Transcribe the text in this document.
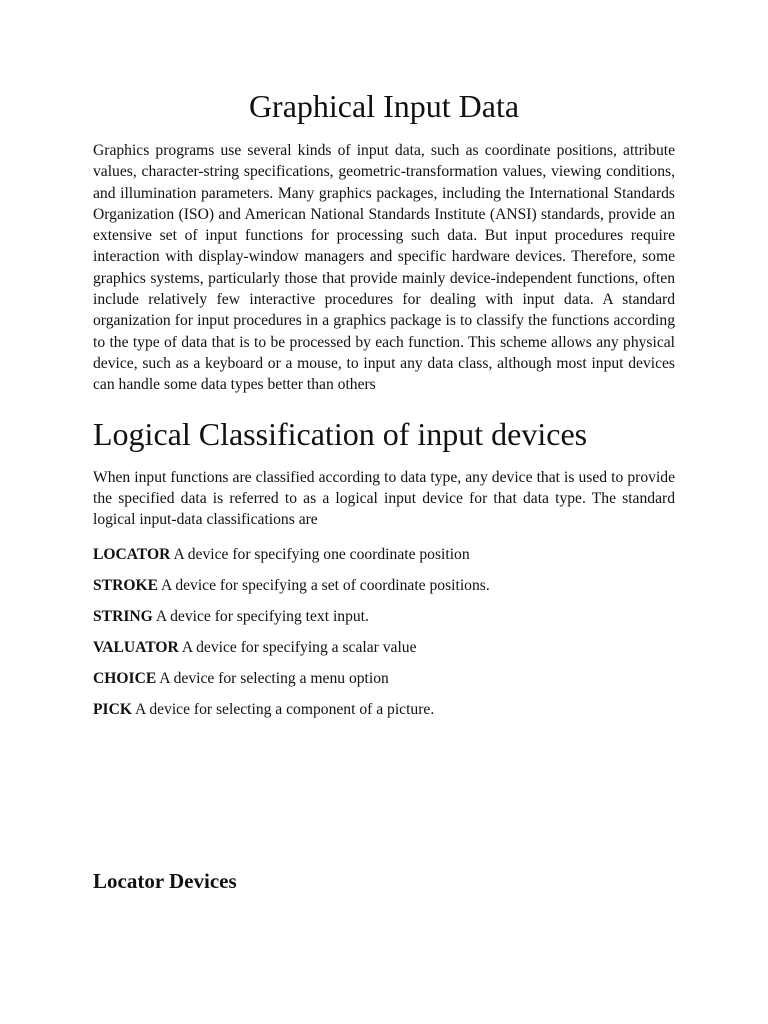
Graphical Input Data

Graphics programs use several kinds of input data, such as coordinate positions, attribute values, character-string specifications, geometric-transformation values, viewing conditions, and illumination parameters. Many graphics packages, including the International Standards Organization (ISO) and American National Standards Institute (ANSI) standards, provide an extensive set of input functions for processing such data. But input procedures require interaction with display-window managers and specific hardware devices. Therefore, some graphics systems, particularly those that provide mainly device-independent functions, often include relatively few interactive procedures for dealing with input data. A standard organization for input procedures in a graphics package is to classify the functions according to the type of data that is to be processed by each function. This scheme allows any physical device, such as a keyboard or a mouse, to input any data class, although most input devices can handle some data types better than others

Logical Classification of input devices

When input functions are classified according to data type, any device that is used to provide the specified data is referred to as a logical input device for that data type. The standard logical input-data classifications are

LOCATOR A device for specifying one coordinate position
STROKE A device for specifying a set of coordinate positions.
STRING A device for specifying text input.
VALUATOR A device for specifying a scalar value
CHOICE A device for selecting a menu option
PICK A device for selecting a component of a picture.
Locator Devices
